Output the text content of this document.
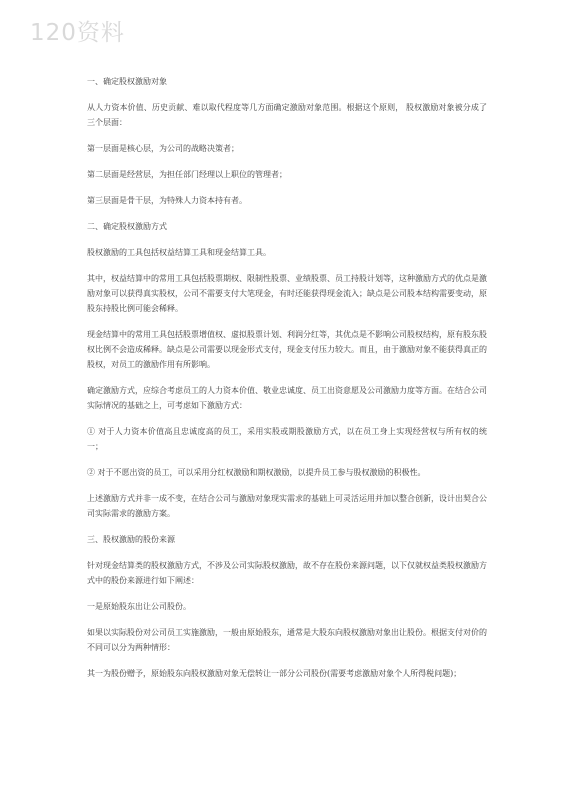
120资料
一、确定股权激励对象
从人力资本价值、历史贡献、难以取代程度等几方面确定激励对象范围。根据这个原则， 股权激励对象被分成了三个层面：
第一层面是核心层，为公司的战略决策者；
第二层面是经营层，为担任部门经理以上职位的管理者；
第三层面是骨干层，为特殊人力资本持有者。
二、确定股权激励方式
股权激励的工具包括权益结算工具和现金结算工具。
其中，权益结算中的常用工具包括股票期权、限制性股票、业绩股票、员工持股计划等，这种激励方式的优点是激励对象可以获得真实股权，公司不需要支付大笔现金，有时还能获得现金流入；缺点是公司股本结构需要变动，原股东持股比例可能会稀释。
现金结算中的常用工具包括股票增值权、虚拟股票计划、利润分红等，其优点是不影响公司股权结构，原有股东股权比例不会造成稀释。缺点是公司需要以现金形式支付，现金支付压力较大。而且，由于激励对象不能获得真正的股权，对员工的激励作用有所影响。
确定激励方式，应综合考虑员工的人力资本价值、敬业忠诚度、员工出资意愿及公司激励力度等方面。在结合公司实际情况的基础之上，可考虑如下激励方式：
① 对于人力资本价值高且忠诚度高的员工，采用实股或期股激励方式，以在员工身上实现经营权与所有权的统一；
② 对于不愿出资的员工，可以采用分红权激励和期权激励，以提升员工参与股权激励的积极性。
上述激励方式并非一成不变，在结合公司与激励对象现实需求的基础上可灵活运用并加以整合创新，设计出契合公司实际需求的激励方案。
三、股权激励的股份来源
针对现金结算类的股权激励方式，不涉及公司实际股权激励，故不存在股份来源问题，以下仅就权益类股权激励方式中的股份来源进行如下阐述：
一是原始股东出让公司股份。
如果以实际股份对公司员工实施激励，一般由原始股东，通常是大股东向股权激励对象出让股份。根据支付对价的不同可以分为两种情形：
其一为股份赠予，原始股东向股权激励对象无偿转让一部分公司股份(需要考虑激励对象个人所得税问题)；
